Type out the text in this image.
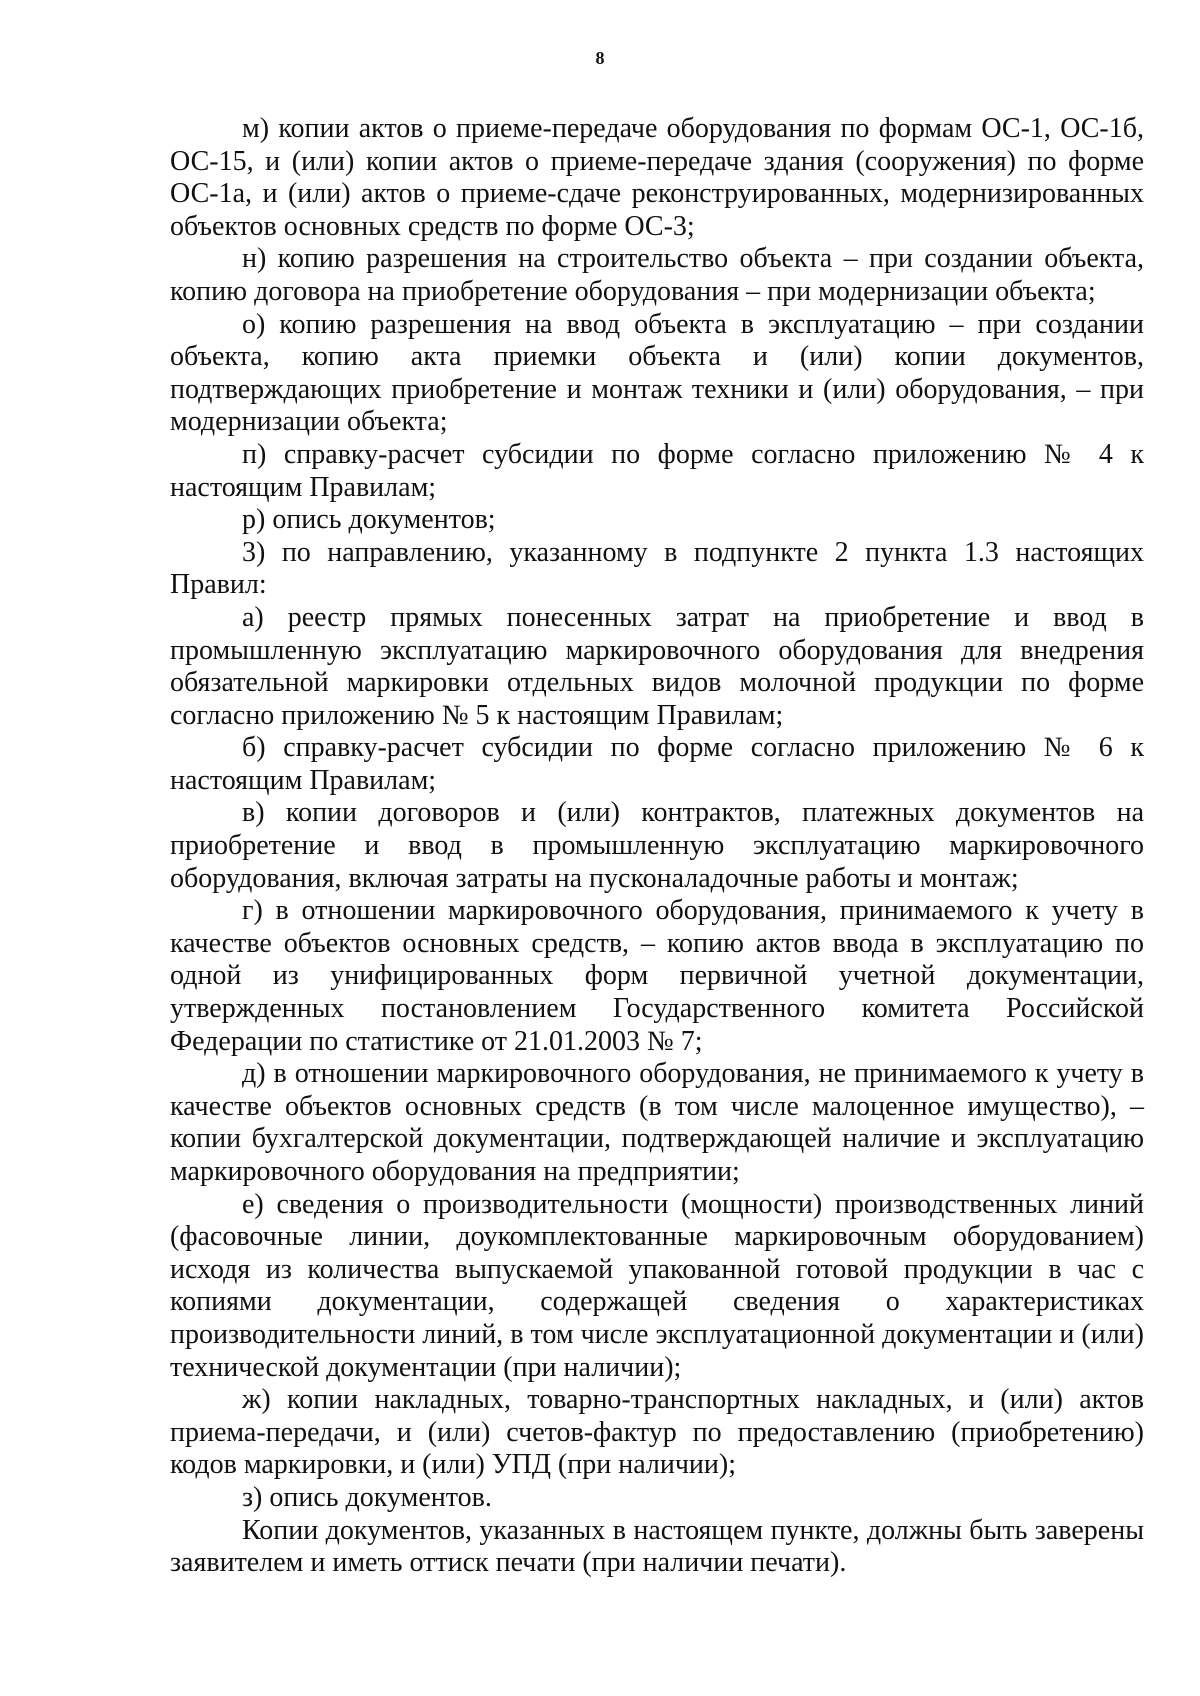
8

м) копии актов о приеме-передаче оборудования по формам ОС-1, ОС-1б, ОС-15, и (или) копии актов о приеме-передаче здания (сооружения) по форме ОС-1а, и (или) актов о приеме-сдаче реконструированных, модернизированных объектов основных средств по форме ОС-3;

н) копию разрешения на строительство объекта – при создании объекта, копию договора на приобретение оборудования – при модернизации объекта;

о) копию разрешения на ввод объекта в эксплуатацию – при создании объекта, копию акта приемки объекта и (или) копии документов, подтверждающих приобретение и монтаж техники и (или) оборудования, – при модернизации объекта;

п) справку-расчет субсидии по форме согласно приложению № 4 к настоящим Правилам;

р) опись документов;

3) по направлению, указанному в подпункте 2 пункта 1.3 настоящих Правил:

а) реестр прямых понесенных затрат на приобретение и ввод в промышленную эксплуатацию маркировочного оборудования для внедрения обязательной маркировки отдельных видов молочной продукции по форме согласно приложению № 5 к настоящим Правилам;

б) справку-расчет субсидии по форме согласно приложению № 6 к настоящим Правилам;

в) копии договоров и (или) контрактов, платежных документов на приобретение и ввод в промышленную эксплуатацию маркировочного оборудования, включая затраты на пусконаладочные работы и монтаж;

г) в отношении маркировочного оборудования, принимаемого к учету в качестве объектов основных средств, – копию актов ввода в эксплуатацию по одной из унифицированных форм первичной учетной документации, утвержденных постановлением Государственного комитета Российской Федерации по статистике от 21.01.2003 № 7;

д) в отношении маркировочного оборудования, не принимаемого к учету в качестве объектов основных средств (в том числе малоценное имущество), – копии бухгалтерской документации, подтверждающей наличие и эксплуатацию маркировочного оборудования на предприятии;

е) сведения о производительности (мощности) производственных линий (фасовочные линии, доукомплектованные маркировочным оборудованием) исходя из количества выпускаемой упакованной готовой продукции в час с копиями документации, содержащей сведения о характеристиках производительности линий, в том числе эксплуатационной документации и (или) технической документации (при наличии);

ж) копии накладных, товарно-транспортных накладных, и (или) актов приема-передачи, и (или) счетов-фактур по предоставлению (приобретению) кодов маркировки, и (или) УПД (при наличии);

з) опись документов.

Копии документов, указанных в настоящем пункте, должны быть заверены заявителем и иметь оттиск печати (при наличии печати).
